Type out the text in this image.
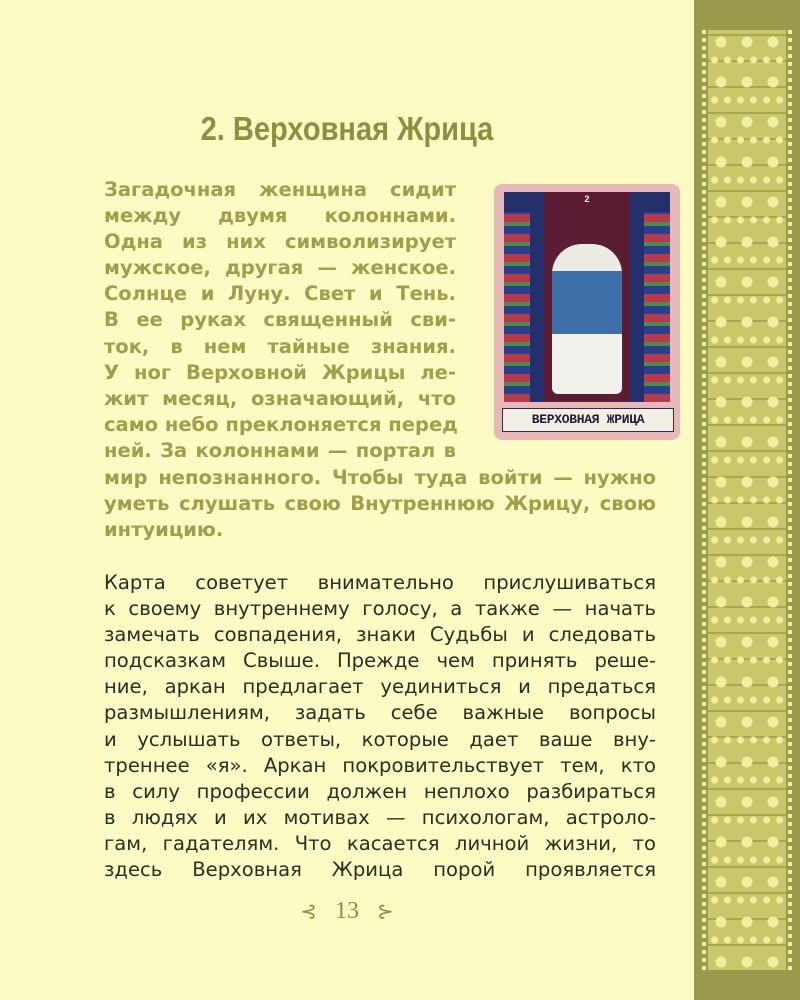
2. Верховная Жрица
Загадочная женщина сидит
между двумя колоннами.
Одна из них символизирует
мужское, другая — женское.
Солнце и Луну. Свет и Тень.
В ее руках священный сви-
ток, в нем тайные знания.
У ног Верховной Жрицы ле-
жит месяц, означающий, что
само небо преклоняется перед
ней. За колоннами — портал в
мир непознанного. Чтобы туда войти — нужно
уметь слушать свою Внутреннюю Жрицу, свою
интуицию.
2
ВЕРХОВНАЯ ЖРИЦА
Карта советует внимательно прислушиваться
к своему внутреннему голосу, а также — начать
замечать совпадения, знаки Судьбы и следовать
подсказкам Свыше. Прежде чем принять реше-
ние, аркан предлагает уединиться и предаться
размышлениям, задать себе важные вопросы
и услышать ответы, которые дает ваше вну-
треннее «я». Аркан покровительствует тем, кто
в силу профессии должен неплохо разбираться
в людях и их мотивах — психологам, астроло-
гам, гадателям. Что касается личной жизни, то
здесь Верховная Жрица порой проявляется
⊰ 13 ⊱
